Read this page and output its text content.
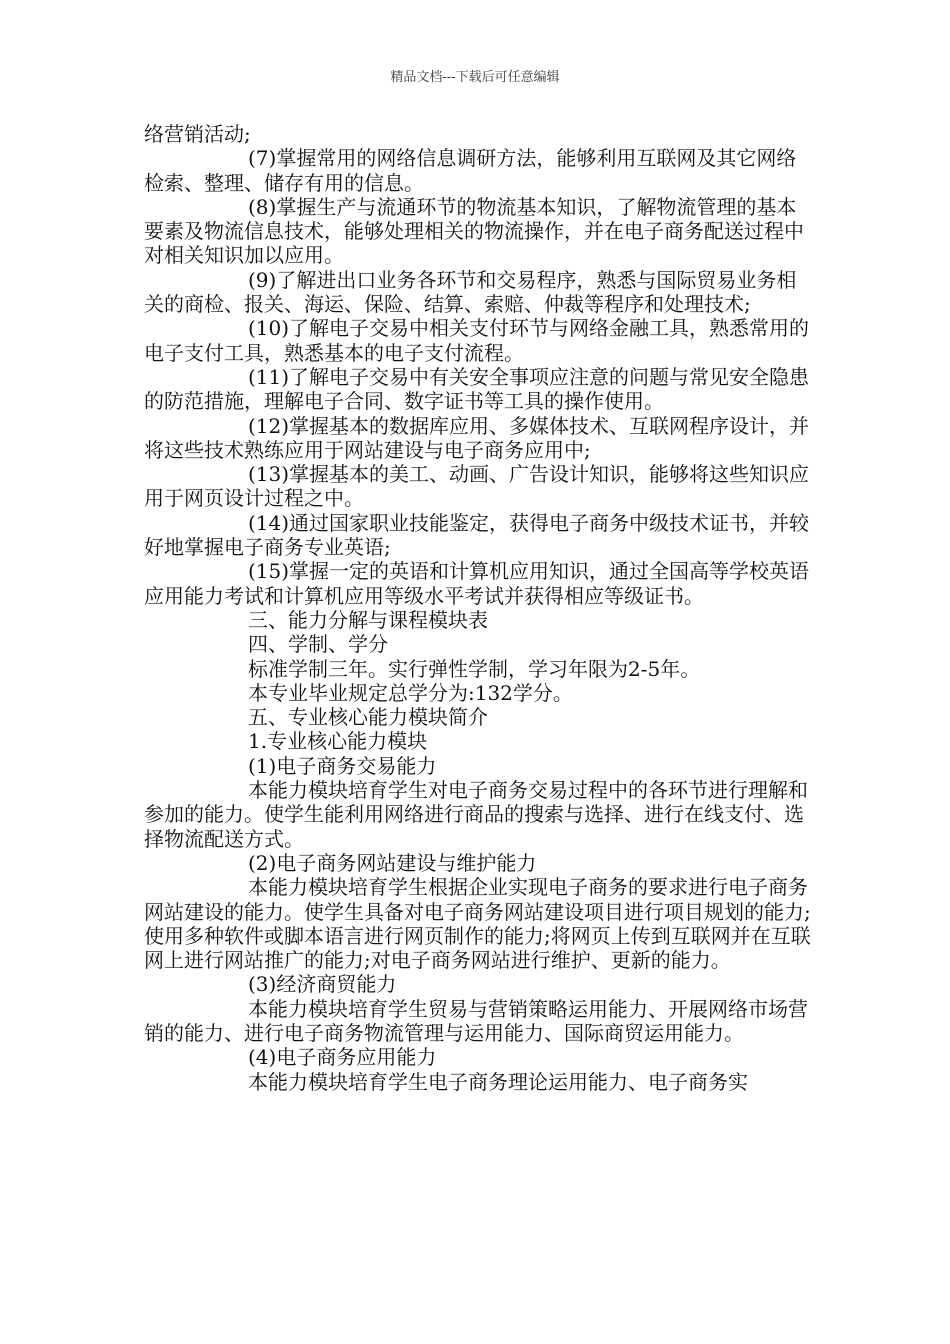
精品文档---下载后可任意编辑

络营销活动;

(7)掌握常用的网络信息调研方法，能够利用互联网及其它网络检索、整理、储存有用的信息。

(8)掌握生产与流通环节的物流基本知识，了解物流管理的基本要素及物流信息技术，能够处理相关的物流操作，并在电子商务配送过程中对相关知识加以应用。

(9)了解进出口业务各环节和交易程序，熟悉与国际贸易业务相关的商检、报关、海运、保险、结算、索赔、仲裁等程序和处理技术;

(10)了解电子交易中相关支付环节与网络金融工具，熟悉常用的电子支付工具，熟悉基本的电子支付流程。

(11)了解电子交易中有关安全事项应注意的问题与常见安全隐患的防范措施，理解电子合同、数字证书等工具的操作使用。

(12)掌握基本的数据库应用、多媒体技术、互联网程序设计，并将这些技术熟练应用于网站建设与电子商务应用中;

(13)掌握基本的美工、动画、广告设计知识，能够将这些知识应用于网页设计过程之中。

(14)通过国家职业技能鉴定，获得电子商务中级技术证书，并较好地掌握电子商务专业英语;

(15)掌握一定的英语和计算机应用知识，通过全国高等学校英语应用能力考试和计算机应用等级水平考试并获得相应等级证书。

三、能力分解与课程模块表

四、学制、学分

标准学制三年。实行弹性学制，学习年限为2-5年。

本专业毕业规定总学分为:132学分。

五、专业核心能力模块简介

1.专业核心能力模块

(1)电子商务交易能力

本能力模块培育学生对电子商务交易过程中的各环节进行理解和参加的能力。使学生能利用网络进行商品的搜索与选择、进行在线支付、选择物流配送方式。

(2)电子商务网站建设与维护能力

本能力模块培育学生根据企业实现电子商务的要求进行电子商务网站建设的能力。使学生具备对电子商务网站建设项目进行项目规划的能力;使用多种软件或脚本语言进行网页制作的能力;将网页上传到互联网并在互联网上进行网站推广的能力;对电子商务网站进行维护、更新的能力。

(3)经济商贸能力

本能力模块培育学生贸易与营销策略运用能力、开展网络市场营销的能力、进行电子商务物流管理与运用能力、国际商贸运用能力。

(4)电子商务应用能力

本能力模块培育学生电子商务理论运用能力、电子商务实
